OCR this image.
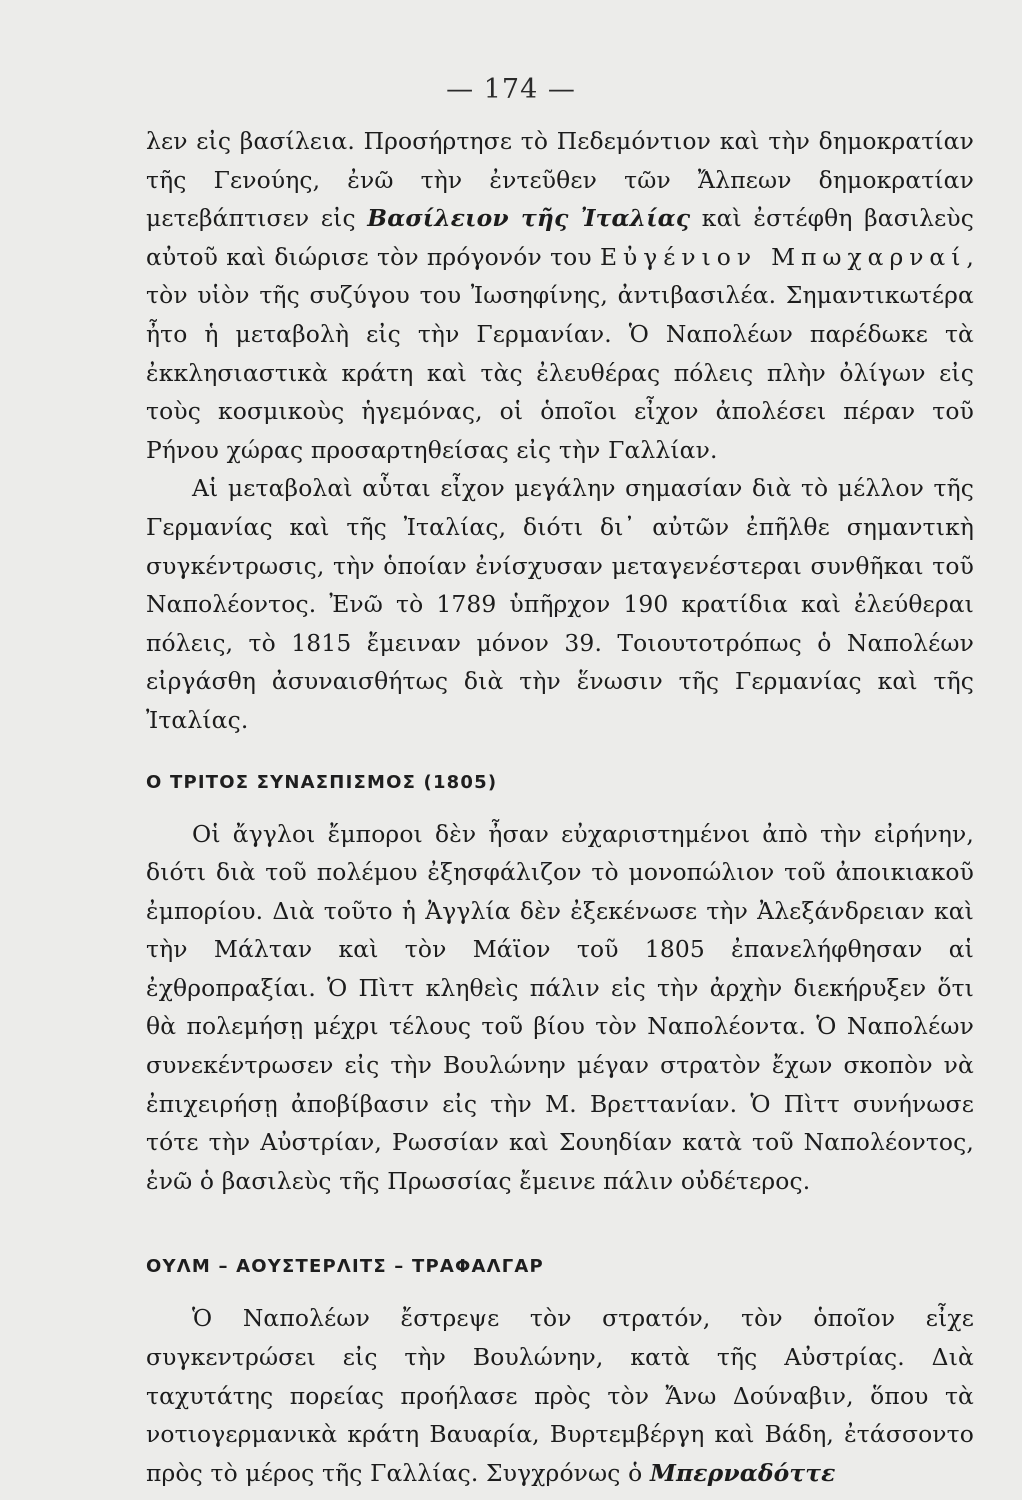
— 174 —

λεν εἰς βασίλεια. Προσήρτησε τὸ Πεδεμόντιον καὶ τὴν δημοκρατίαν τῆς Γενούης, ἐνῶ τὴν ἐντεῦθεν τῶν Ἄλπεων δημοκρατίαν μετεβάπτισεν εἰς Βασίλειον τῆς Ἰταλίας καὶ ἐστέφθη βασιλεὺς αὐτοῦ καὶ διώρισε τὸν πρόγονόν του Εὐγένιον Μπωχαρναί, τὸν υἱὸν τῆς συζύγου του Ἰωσηφίνης, ἀντιβασιλέα. Σημαντικωτέρα ἦτο ἡ μεταβολὴ εἰς τὴν Γερμανίαν. Ὁ Ναπολέων παρέδωκε τὰ ἐκκλησιαστικὰ κράτη καὶ τὰς ἐλευθέρας πόλεις πλὴν ὀλίγων εἰς τοὺς κοσμικοὺς ἡγεμόνας, οἱ ὁποῖοι εἶχον ἀπολέσει πέραν τοῦ Ρήνου χώρας προσαρτηθείσας εἰς τὴν Γαλλίαν.

Αἱ μεταβολαὶ αὗται εἶχον μεγάλην σημασίαν διὰ τὸ μέλλον τῆς Γερμανίας καὶ τῆς Ἰταλίας, διότι δι᾽ αὐτῶν ἐπῆλθε σημαντικὴ συγκέντρωσις, τὴν ὁποίαν ἐνίσχυσαν μεταγενέστεραι συνθῆκαι τοῦ Ναπολέοντος. Ἐνῶ τὸ 1789 ὑπῆρχον 190 κρατίδια καὶ ἐλεύθεραι πόλεις, τὸ 1815 ἔμειναν μόνον 39. Τοιουτοτρόπως ὁ Ναπολέων εἰργάσθη ἀσυναισθήτως διὰ τὴν ἕνωσιν τῆς Γερμανίας καὶ τῆς Ἰταλίας.

Ο ΤΡΙΤΟΣ ΣΥΝΑΣΠΙΣΜΟΣ (1805)

Οἱ ἄγγλοι ἔμποροι δὲν ἦσαν εὐχαριστημένοι ἀπὸ τὴν εἰρήνην, διότι διὰ τοῦ πολέμου ἐξησφάλιζον τὸ μονοπώλιον τοῦ ἀποικιακοῦ ἐμπορίου. Διὰ τοῦτο ἡ Ἀγγλία δὲν ἐξεκένωσε τὴν Ἀλεξάνδρειαν καὶ τὴν Μάλταν καὶ τὸν Μάϊον τοῦ 1805 ἐπανελήφθησαν αἱ ἐχθροπραξίαι. Ὁ Πὶττ κληθεὶς πάλιν εἰς τὴν ἀρχὴν διεκήρυξεν ὅτι θὰ πολεμήσῃ μέχρι τέλους τοῦ βίου τὸν Ναπολέοντα. Ὁ Ναπολέων συνεκέντρωσεν εἰς τὴν Βουλώνην μέγαν στρατὸν ἔχων σκοπὸν νὰ ἐπιχειρήσῃ ἀποβίβασιν εἰς τὴν Μ. Βρεττανίαν. Ὁ Πὶττ συνήνωσε τότε τὴν Αὐστρίαν, Ρωσσίαν καὶ Σουηδίαν κατὰ τοῦ Ναπολέοντος, ἐνῶ ὁ βασιλεὺς τῆς Πρωσσίας ἔμεινε πάλιν οὐδέτερος.

ΟΥΛΜ – ΑΟΥΣΤΕΡΛΙΤΣ – ΤΡΑΦΑΛΓΑΡ

Ὁ Ναπολέων ἔστρεψε τὸν στρατόν, τὸν ὁποῖον εἶχε συγκεντρώσει εἰς τὴν Βουλώνην, κατὰ τῆς Αὐστρίας. Διὰ ταχυτάτης πορείας προήλασε πρὸς τὸν Ἄνω Δούναβιν, ὅπου τὰ νοτιογερμανικὰ κράτη Βαυαρία, Βυρτεμβέργη καὶ Βάδη, ἐτάσσοντο πρὸς τὸ μέρος τῆς Γαλλίας. Συγχρόνως ὁ Μπερναδόττε
